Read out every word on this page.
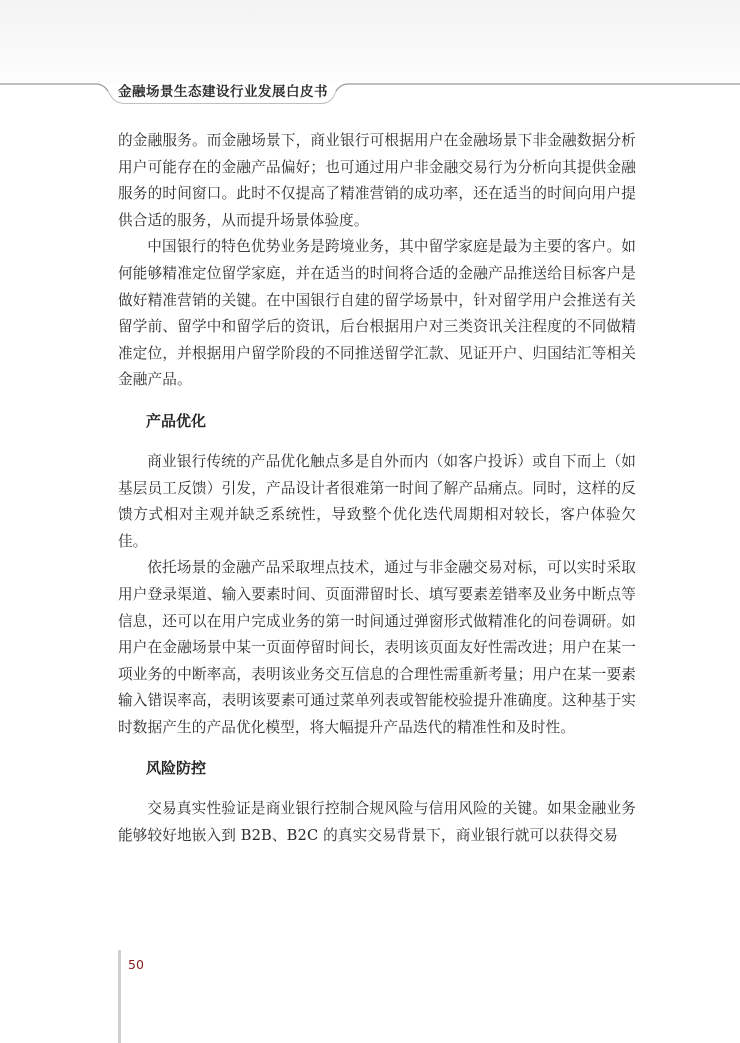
金融场景生态建设行业发展白皮书

的金融服务。而金融场景下，商业银行可根据用户在金融场景下非金融数据分析用户可能存在的金融产品偏好；也可通过用户非金融交易行为分析向其提供金融服务的时间窗口。此时不仅提高了精准营销的成功率，还在适当的时间向用户提供合适的服务，从而提升场景体验度。

中国银行的特色优势业务是跨境业务，其中留学家庭是最为主要的客户。如何能够精准定位留学家庭，并在适当的时间将合适的金融产品推送给目标客户是做好精准营销的关键。在中国银行自建的留学场景中，针对留学用户会推送有关留学前、留学中和留学后的资讯，后台根据用户对三类资讯关注程度的不同做精准定位，并根据用户留学阶段的不同推送留学汇款、见证开户、归国结汇等相关金融产品。

产品优化

商业银行传统的产品优化触点多是自外而内（如客户投诉）或自下而上（如基层员工反馈）引发，产品设计者很难第一时间了解产品痛点。同时，这样的反馈方式相对主观并缺乏系统性，导致整个优化迭代周期相对较长，客户体验欠佳。

依托场景的金融产品采取埋点技术，通过与非金融交易对标，可以实时采取用户登录渠道、输入要素时间、页面滞留时长、填写要素差错率及业务中断点等信息，还可以在用户完成业务的第一时间通过弹窗形式做精准化的问卷调研。如用户在金融场景中某一页面停留时间长，表明该页面友好性需改进；用户在某一项业务的中断率高，表明该业务交互信息的合理性需重新考量；用户在某一要素输入错误率高，表明该要素可通过菜单列表或智能校验提升准确度。这种基于实时数据产生的产品优化模型，将大幅提升产品迭代的精准性和及时性。

风险防控

交易真实性验证是商业银行控制合规风险与信用风险的关键。如果金融业务能够较好地嵌入到 B2B、B2C 的真实交易背景下，商业银行就可以获得交易

50
